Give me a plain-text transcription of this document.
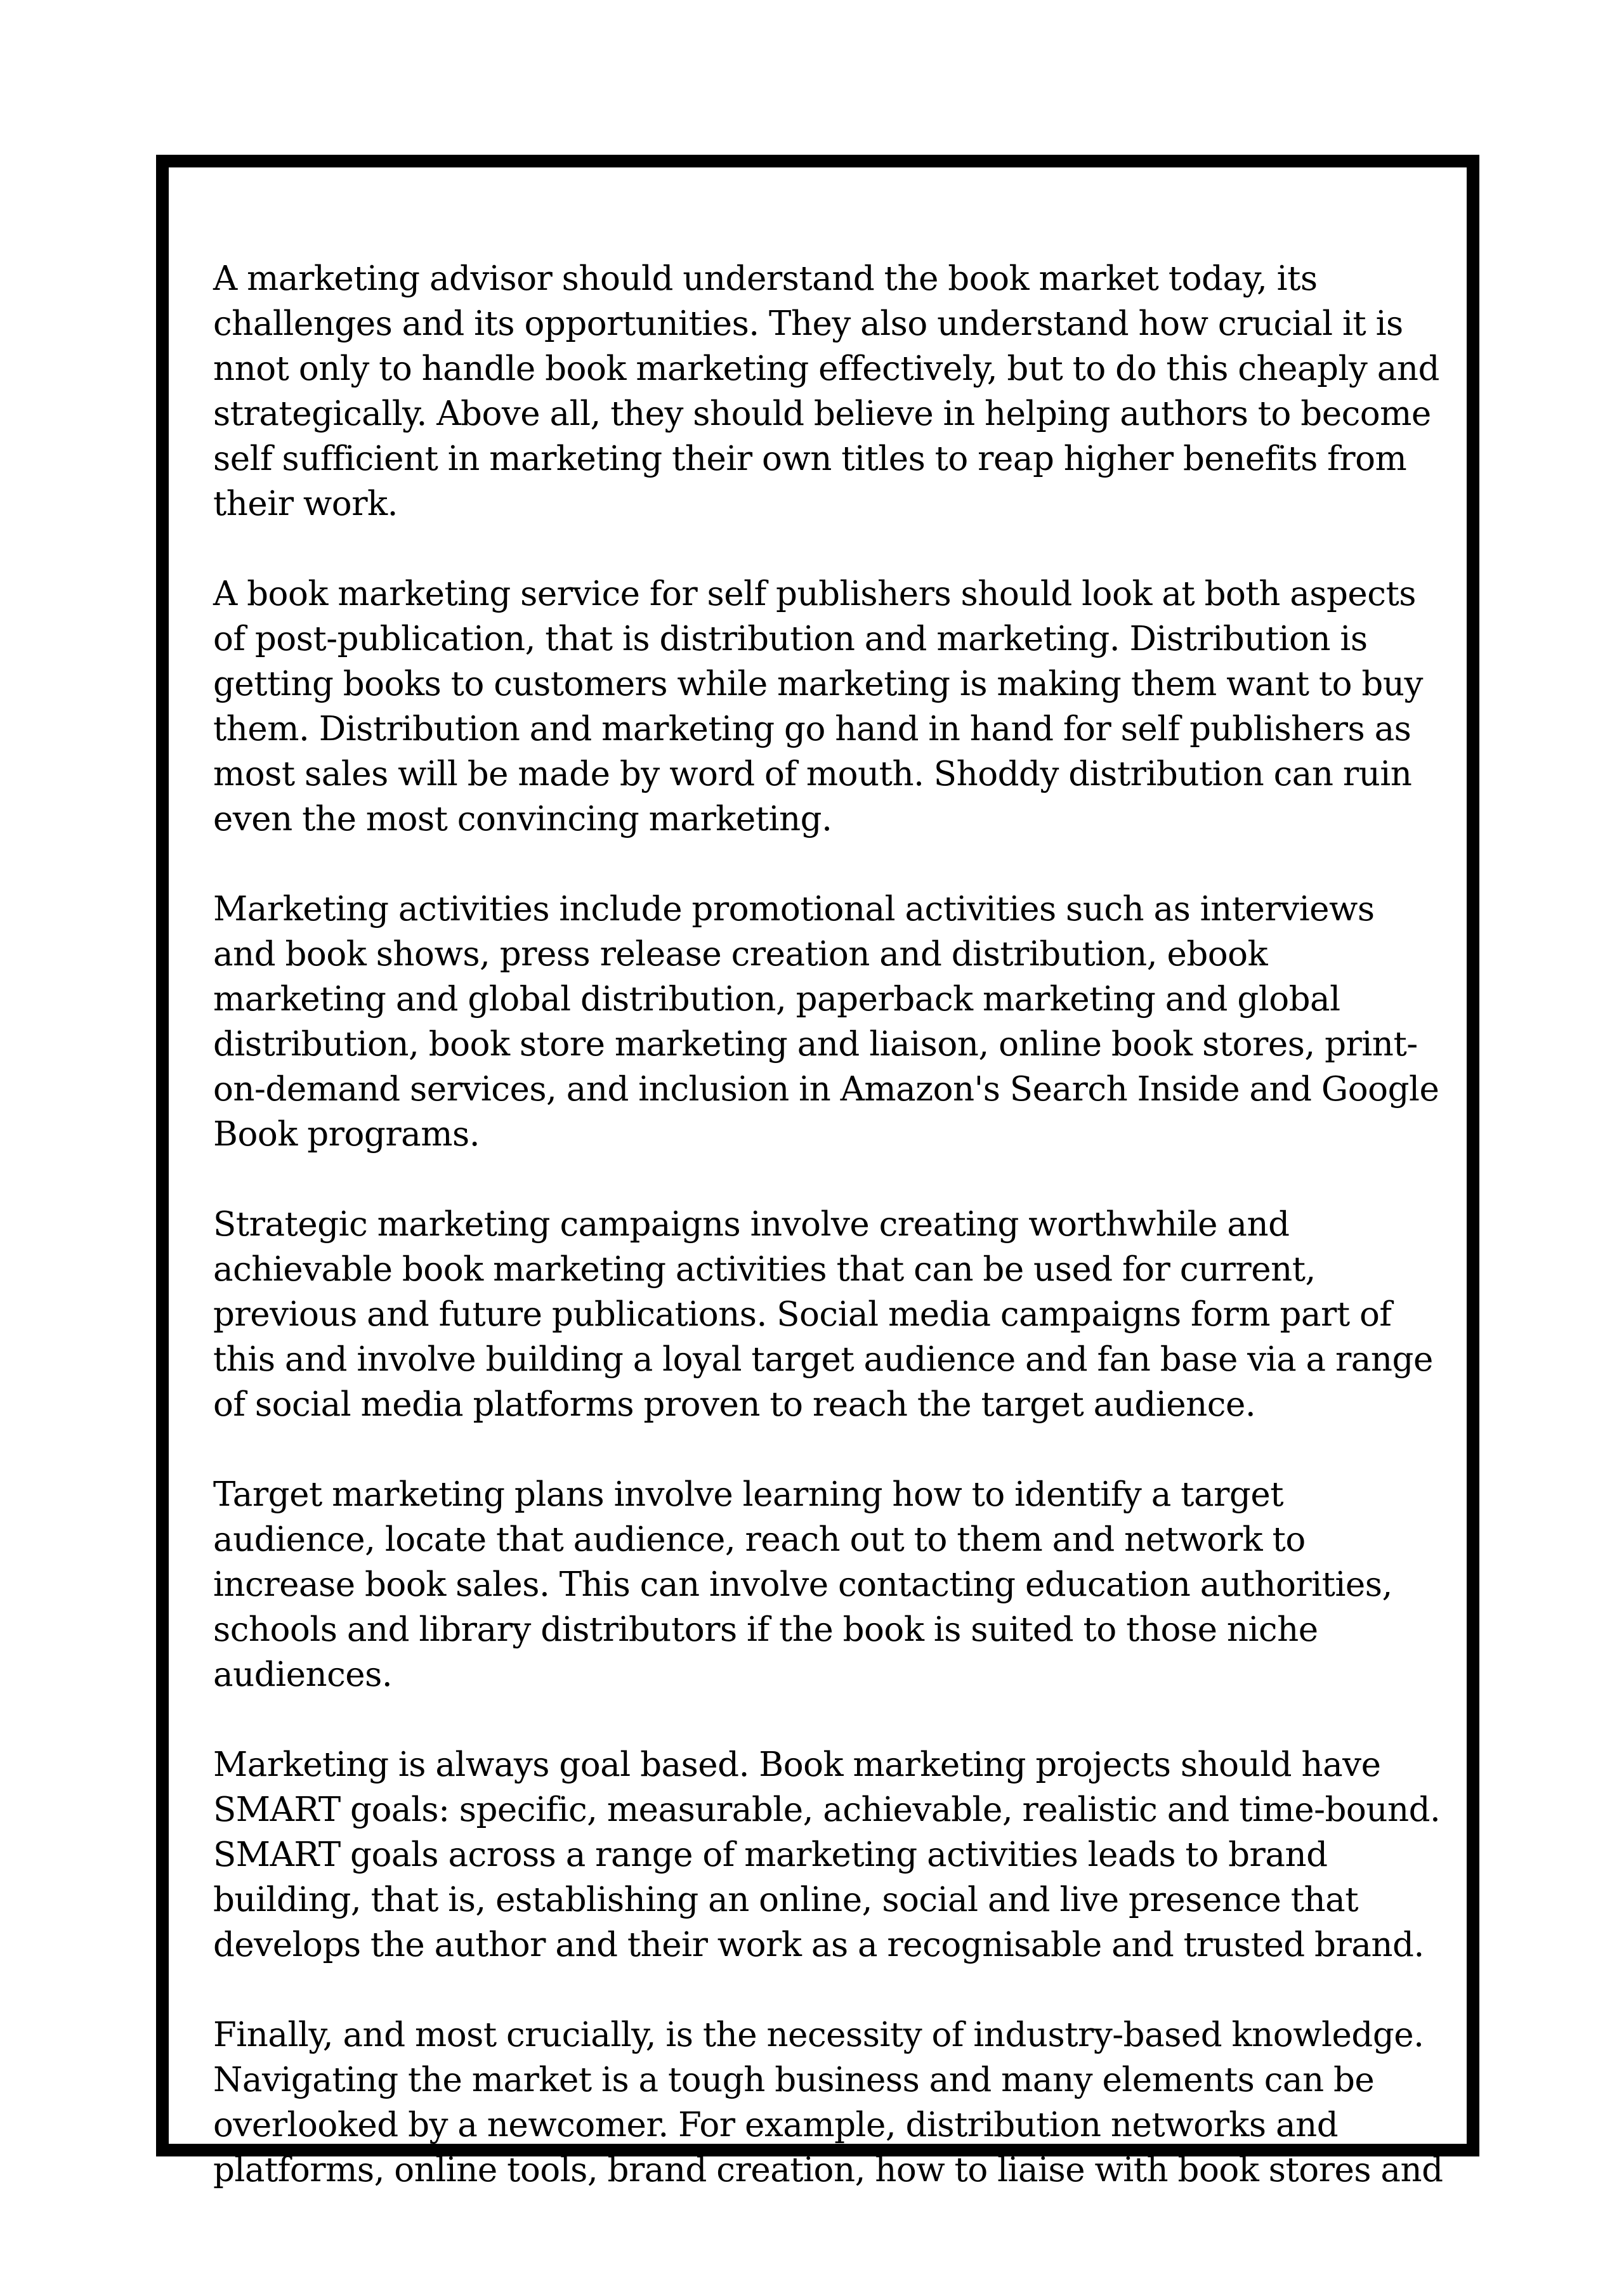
A marketing advisor should understand the book market today, its challenges and its opportunities. They also understand how crucial it is nnot only to handle book marketing effectively, but to do this cheaply and strategically. Above all, they should believe in helping authors to become self sufficient in marketing their own titles to reap higher benefits from their work.

A book marketing service for self publishers should look at both aspects of post-publication, that is distribution and marketing. Distribution is getting books to customers while marketing is making them want to buy them. Distribution and marketing go hand in hand for self publishers as most sales will be made by word of mouth. Shoddy distribution can ruin even the most convincing marketing.

Marketing activities include promotional activities such as interviews and book shows, press release creation and distribution, ebook marketing and global distribution, paperback marketing and global distribution, book store marketing and liaison, online book stores, print-on-demand services, and inclusion in Amazon's Search Inside and Google Book programs.

Strategic marketing campaigns involve creating worthwhile and achievable book marketing activities that can be used for current, previous and future publications. Social media campaigns form part of this and involve building a loyal target audience and fan base via a range of social media platforms proven to reach the target audience.

Target marketing plans involve learning how to identify a target audience, locate that audience, reach out to them and network to increase book sales. This can involve contacting education authorities, schools and library distributors if the book is suited to those niche audiences.

Marketing is always goal based. Book marketing projects should have SMART goals: specific, measurable, achievable, realistic and time-bound. SMART goals across a range of marketing activities leads to brand building, that is, establishing an online, social and live presence that develops the author and their work as a recognisable and trusted brand.

Finally, and most crucially, is the necessity of industry-based knowledge. Navigating the market is a tough business and many elements can be overlooked by a newcomer. For example, distribution networks and platforms, online tools, brand creation, how to liaise with book stores and
